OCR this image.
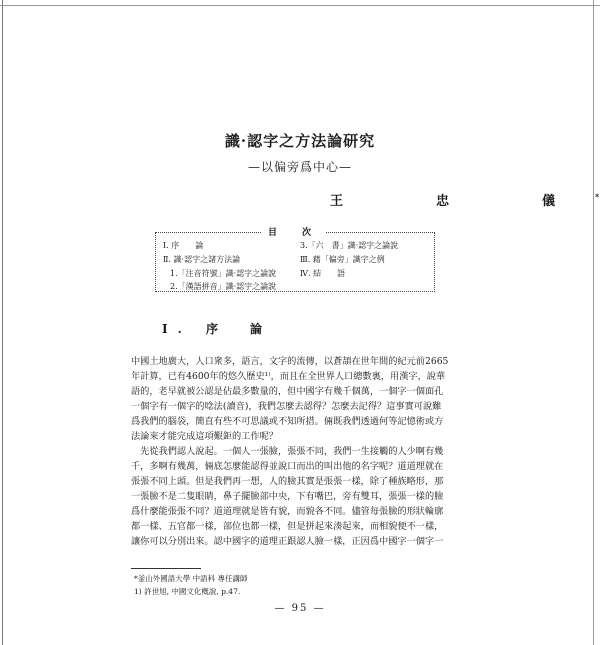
識·認字之方法論研究
—以偏旁爲中心—
王　忠　儀*
目　次
Ⅰ. 序　　論
Ⅱ. 識·認字之諸方法論
1.「注音符號」識·認字之論說
2.「漢語拼音」識·認字之論說
3.「六　書」識·認字之論說
Ⅲ. 藉「偏旁」識字之例
Ⅳ. 結　　語
Ⅰ. 序　論
中國土地廣大，人口衆多，語言，文字的流傳，以蒼頡在世年間的紀元前2665
年計算，已有4600年的悠久歷史¹⁾，而且在全世界人口總數裏，用漢字，說華
語的，老早就被公認是佔最多數量的，但中國字有幾千個萬，一個字一個面孔
一個字有一個字的唸法(讀音)，我們怎麼去認得？怎麼去記得？這事實可說難
爲我們的腦袋，簡直有些不可思議或不知所措。倆既我們透過何等記憶術或方
法論來才能完成這項艱鉅的工作呢？
　先從我們認人說起。一個人一張臉，張張不同，我們一生接觸的人少啊有幾
千，多啊有幾萬，倆底怎麼能認得並說口而出的叫出他的名字呢？道道理就在
張張不同上頭。但是我們再一想，人的臉其實是張張一樣，除了種族略形，那
一張臉不是二隻眼睛，鼻子擺臉部中央，下有嘴巴，旁有雙耳，張張一樣的臉
爲什麼能張張不同？道道理就是皆有貌，而貌各不同。儘管每張臉的形狀輪廓
都一樣、五官都一樣，部位也都一樣，但是拼起來湊起來，而相貌便不一樣，
讓你可以分別出來。認中國字的道理正跟認人臉一樣，正因爲中國字一個字一
*釜山外國語大學 中語科 專任講師
1) 許世旭, 中國文化槪說, p.47.
— 95 —
